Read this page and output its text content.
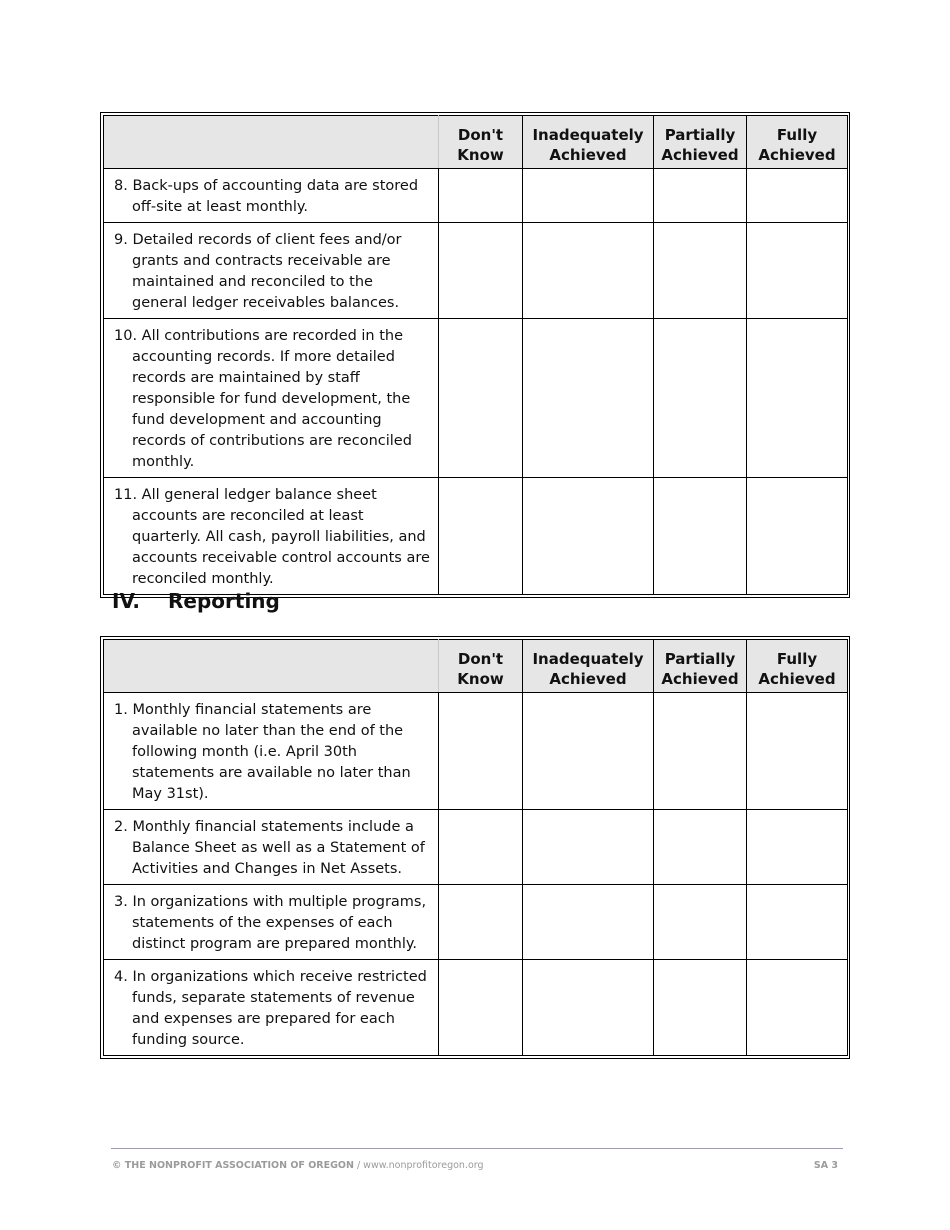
	Don't Know	Inadequately Achieved	Partially Achieved	Fully Achieved

8. Back-ups of accounting data are stored off-site at least monthly.				

9. Detailed records of client fees and/or grants and contracts receivable are maintained and reconciled to the general ledger receivables balances.				

10. All contributions are recorded in the accounting records. If more detailed records are maintained by staff responsible for fund development, the fund development and accounting records of contributions are reconciled monthly.				

11. All general ledger balance sheet accounts are reconciled at least quarterly. All cash, payroll liabilities, and accounts receivable control accounts are reconciled monthly.				

IV. Reporting
	Don't Know	Inadequately Achieved	Partially Achieved	Fully Achieved

1. Monthly financial statements are available no later than the end of the following month (i.e. April 30th statements are available no later than May 31st).				

2. Monthly financial statements include a Balance Sheet as well as a Statement of Activities and Changes in Net Assets.				

3. In organizations with multiple programs, statements of the expenses of each distinct program are prepared monthly.				

4. In organizations which receive restricted funds, separate statements of revenue and expenses are prepared for each funding source.				

© THE NONPROFIT ASSOCIATION OF OREGON / www.nonprofitoregon.org	SA 3
